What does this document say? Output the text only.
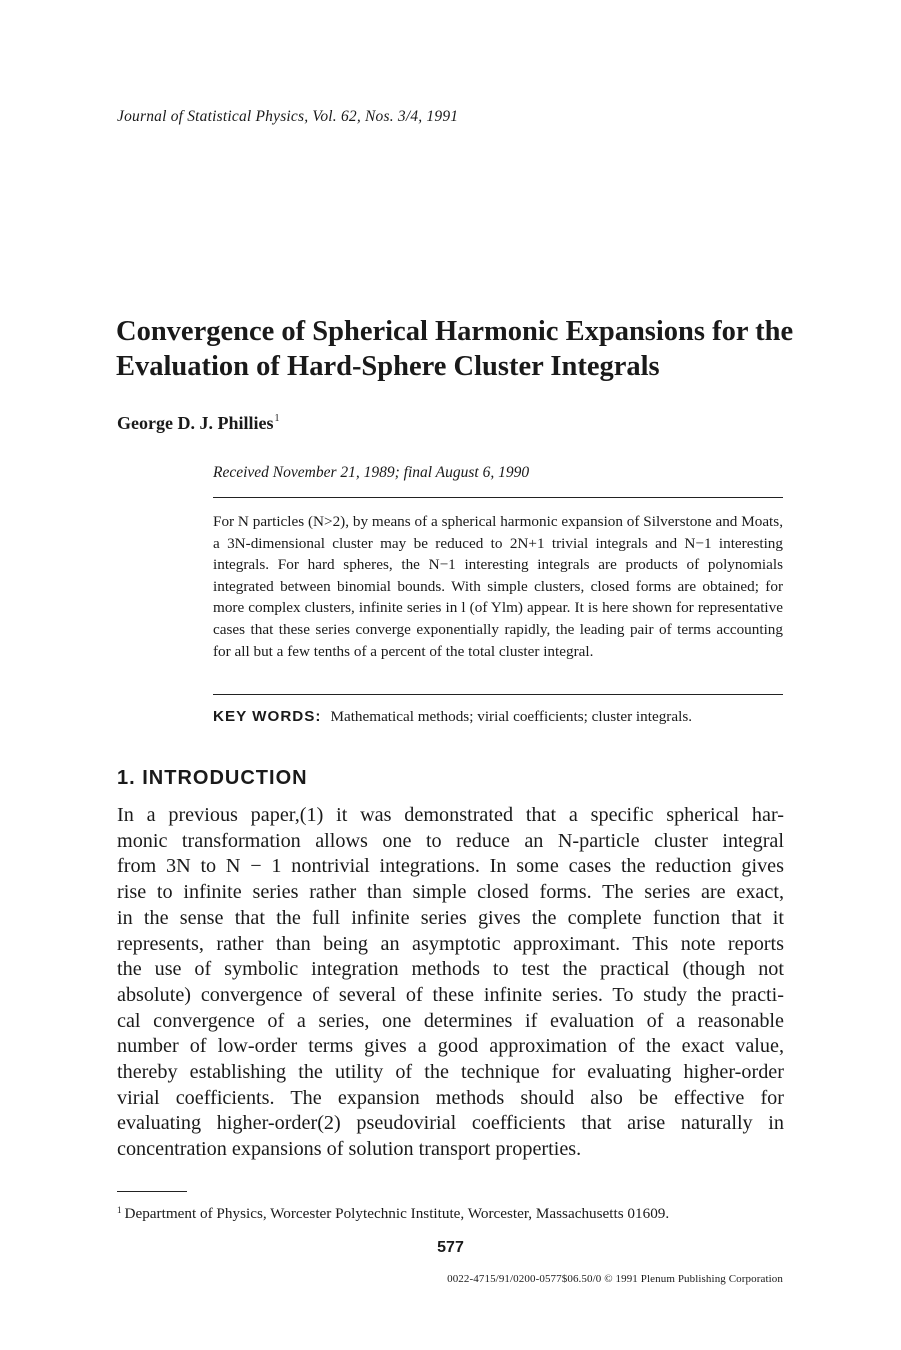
Journal of Statistical Physics, Vol. 62, Nos. 3/4, 1991
Convergence of Spherical Harmonic Expansions for the Evaluation of Hard-Sphere Cluster Integrals
George D. J. Phillies$^1$
Received November 21, 1989; final August 6, 1990
For N particles (N>2), by means of a spherical harmonic expansion of Silverstone and Moats, a 3N-dimensional cluster may be reduced to 2N+1 trivial integrals and N−1 interesting integrals. For hard spheres, the N−1 interesting integrals are products of polynomials integrated between binomial bounds. With simple clusters, closed forms are obtained; for more complex clusters, infinite series in l (of Ylm) appear. It is here shown for representative cases that these series converge exponentially rapidly, the leading pair of terms accounting for all but a few tenths of a percent of the total cluster integral.
KEY WORDS: Mathematical methods; virial coefficients; cluster integrals.
1. INTRODUCTION
In a previous paper,(1) it was demonstrated that a specific spherical har-
monic transformation allows one to reduce an N-particle cluster integral
from 3N to N − 1 nontrivial integrations. In some cases the reduction gives
rise to infinite series rather than simple closed forms. The series are exact,
in the sense that the full infinite series gives the complete function that it
represents, rather than being an asymptotic approximant. This note reports
the use of symbolic integration methods to test the practical (though not
absolute) convergence of several of these infinite series. To study the practi-
cal convergence of a series, one determines if evaluation of a reasonable
number of low-order terms gives a good approximation of the exact value,
thereby establishing the utility of the technique for evaluating higher-order
virial coefficients. The expansion methods should also be effective for
evaluating higher-order(2) pseudovirial coefficients that arise naturally in
concentration expansions of solution transport properties.
$^1$ Department of Physics, Worcester Polytechnic Institute, Worcester, Massachusetts 01609.
577
0022-4715/91/0200-0577$06.50/0 © 1991 Plenum Publishing Corporation
